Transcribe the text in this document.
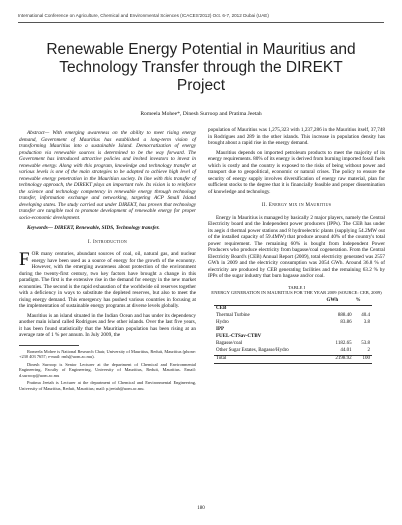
International Conference on Agriculture, Chemical and Environmental Sciences (ICACES'2012) Oct. 6-7, 2012 Dubai (UAE)
Renewable Energy Potential in Mauritius and Technology Transfer through the DIREKT Project
Romeela Mohee*, Dinesh Surroop and Pratima Jeetah

Abstract— With emerging awareness on the ability to meet rising energy demand, Government of Mauritius has established a long-term vision of transforming Mauritius into a sustainable Island. Democratization of energy production via renewable sources is determined to be the way forward. The Government has introduced attractive policies and invited investors to invest in renewable energy. Along with this program, knowledge and technology transfer at various levels is one of the main strategies to be adopted to achieve high level of renewable energy penetration in the Mauritian society. In line with this transfer of technology approach, the DIREKT plays an important role. Its vision is to reinforce the science and technology competency in renewable energy through technology transfer, information exchange and networking, targeting ACP Small Island developing states. The study carried out under DIREKT, has proven that technology transfer are tangible tool to promote development of renewable energy for proper socio-economic development.

Keywords— DIREKT, Renewable, SIDS, Technology transfer.

I. Introduction

FOR many centuries, abundant sources of coal, oil, natural gas, and nuclear energy have been used as a source of energy for the growth of the economy. However, with the emerging awareness about protection of the environment during the twenty-first century, two key factors have brought a change in this paradigm. The first is the extensive rise in the demand for energy in the new market economies. The second is the rapid exhaustion of the worldwide oil reserves together with a deficiency in ways to substitute the depleted reserves, but also to meet the rising energy demand. This emergency has pushed various countries in focusing at the implementation of sustainable energy programs at diverse levels globally.

Mauritius is an island situated in the Indian Ocean and has under its dependency another main island called Rodrigues and few other islands. Over the last five years, it has been found statistically that the Mauritian population has been rising at an average rate of 1 % per annum. In July 2009, the

Romeela Mohee is National Research Chair, University of Mauritius, Reduit, Mauritius (phone: +230 403 7657; e-mail: rmh@uom.ac.mu).

Dinesh Surroop is Senior Lecturer at the department of Chemical and Environmental Engineering, Faculty of Engineering, University of Mauritius, Reduit, Mauritius. Email: d.surroop@uom.ac.mu

Pratima Jeetah is Lecturer at the department of Chemical and Environmental Engineering, University of Mauritius, Reduit, Mauritius; mail: p.jeetah@uom.ac.mu.

population of Mauritius was 1,275,323 with 1,237,286 in the Mauritius itself, 37,748 in Rodrigues and 289 in the other islands. This increase in population density has brought about a rapid rise in the energy demand.

Mauritius depends on imported petroleum products to meet the majority of its energy requirements. 80% of its energy is derived from burning imported fossil fuels which is costly and the country is exposed to the risks of being without power and transport due to geopolitical, economic or natural crises. The policy to ensure the security of energy supply involves diversification of energy raw material, plan for sufficient stocks to the degree that it is financially feasible and proper dissemination of knowledge and technology.

II. Energy mix in Mauritius

Energy in Mauritius is managed by basically 2 major players, namely the Central Electricity board and the Independent power producers (IPPs). The CEB has under its aegis 4 thermal power stations and 8 hydroelectric plants (supplying 54.2MW out of the installed capacity of 59.4MW) that produce around 40% of the country's total power requirement. The remaining 60% is bought from Independent Power Producers who produce electricity from bagasse/coal cogeneration. From the Central Electricity Board's (CEB) Annual Report (2009), total electricity generated was 2557 GWh in 2009 and the electricity consumption was 2054 GWh. Around 36.8 % of electricity are produced by CEB generating facilities and the remaining 63.2 % by IPPs of the sugar industry that burn bagasse and/or coal.

TABLE I
ENERGY GENERATION IN MAURITIUS FOR THE YEAR 2009 (SOURCE: CEB, 2009)
	GWh	%
CEB		
Thermal Turbine	888.40	40.4
Hydro	83.86	3.8
IPP		
FUEL-CTSav-CTBV		
Bagasse/coal	1182.65	53.8
Other Sugar Estates, Bagasse/Hydro	44.01	2
Total	2198.92	100
180
